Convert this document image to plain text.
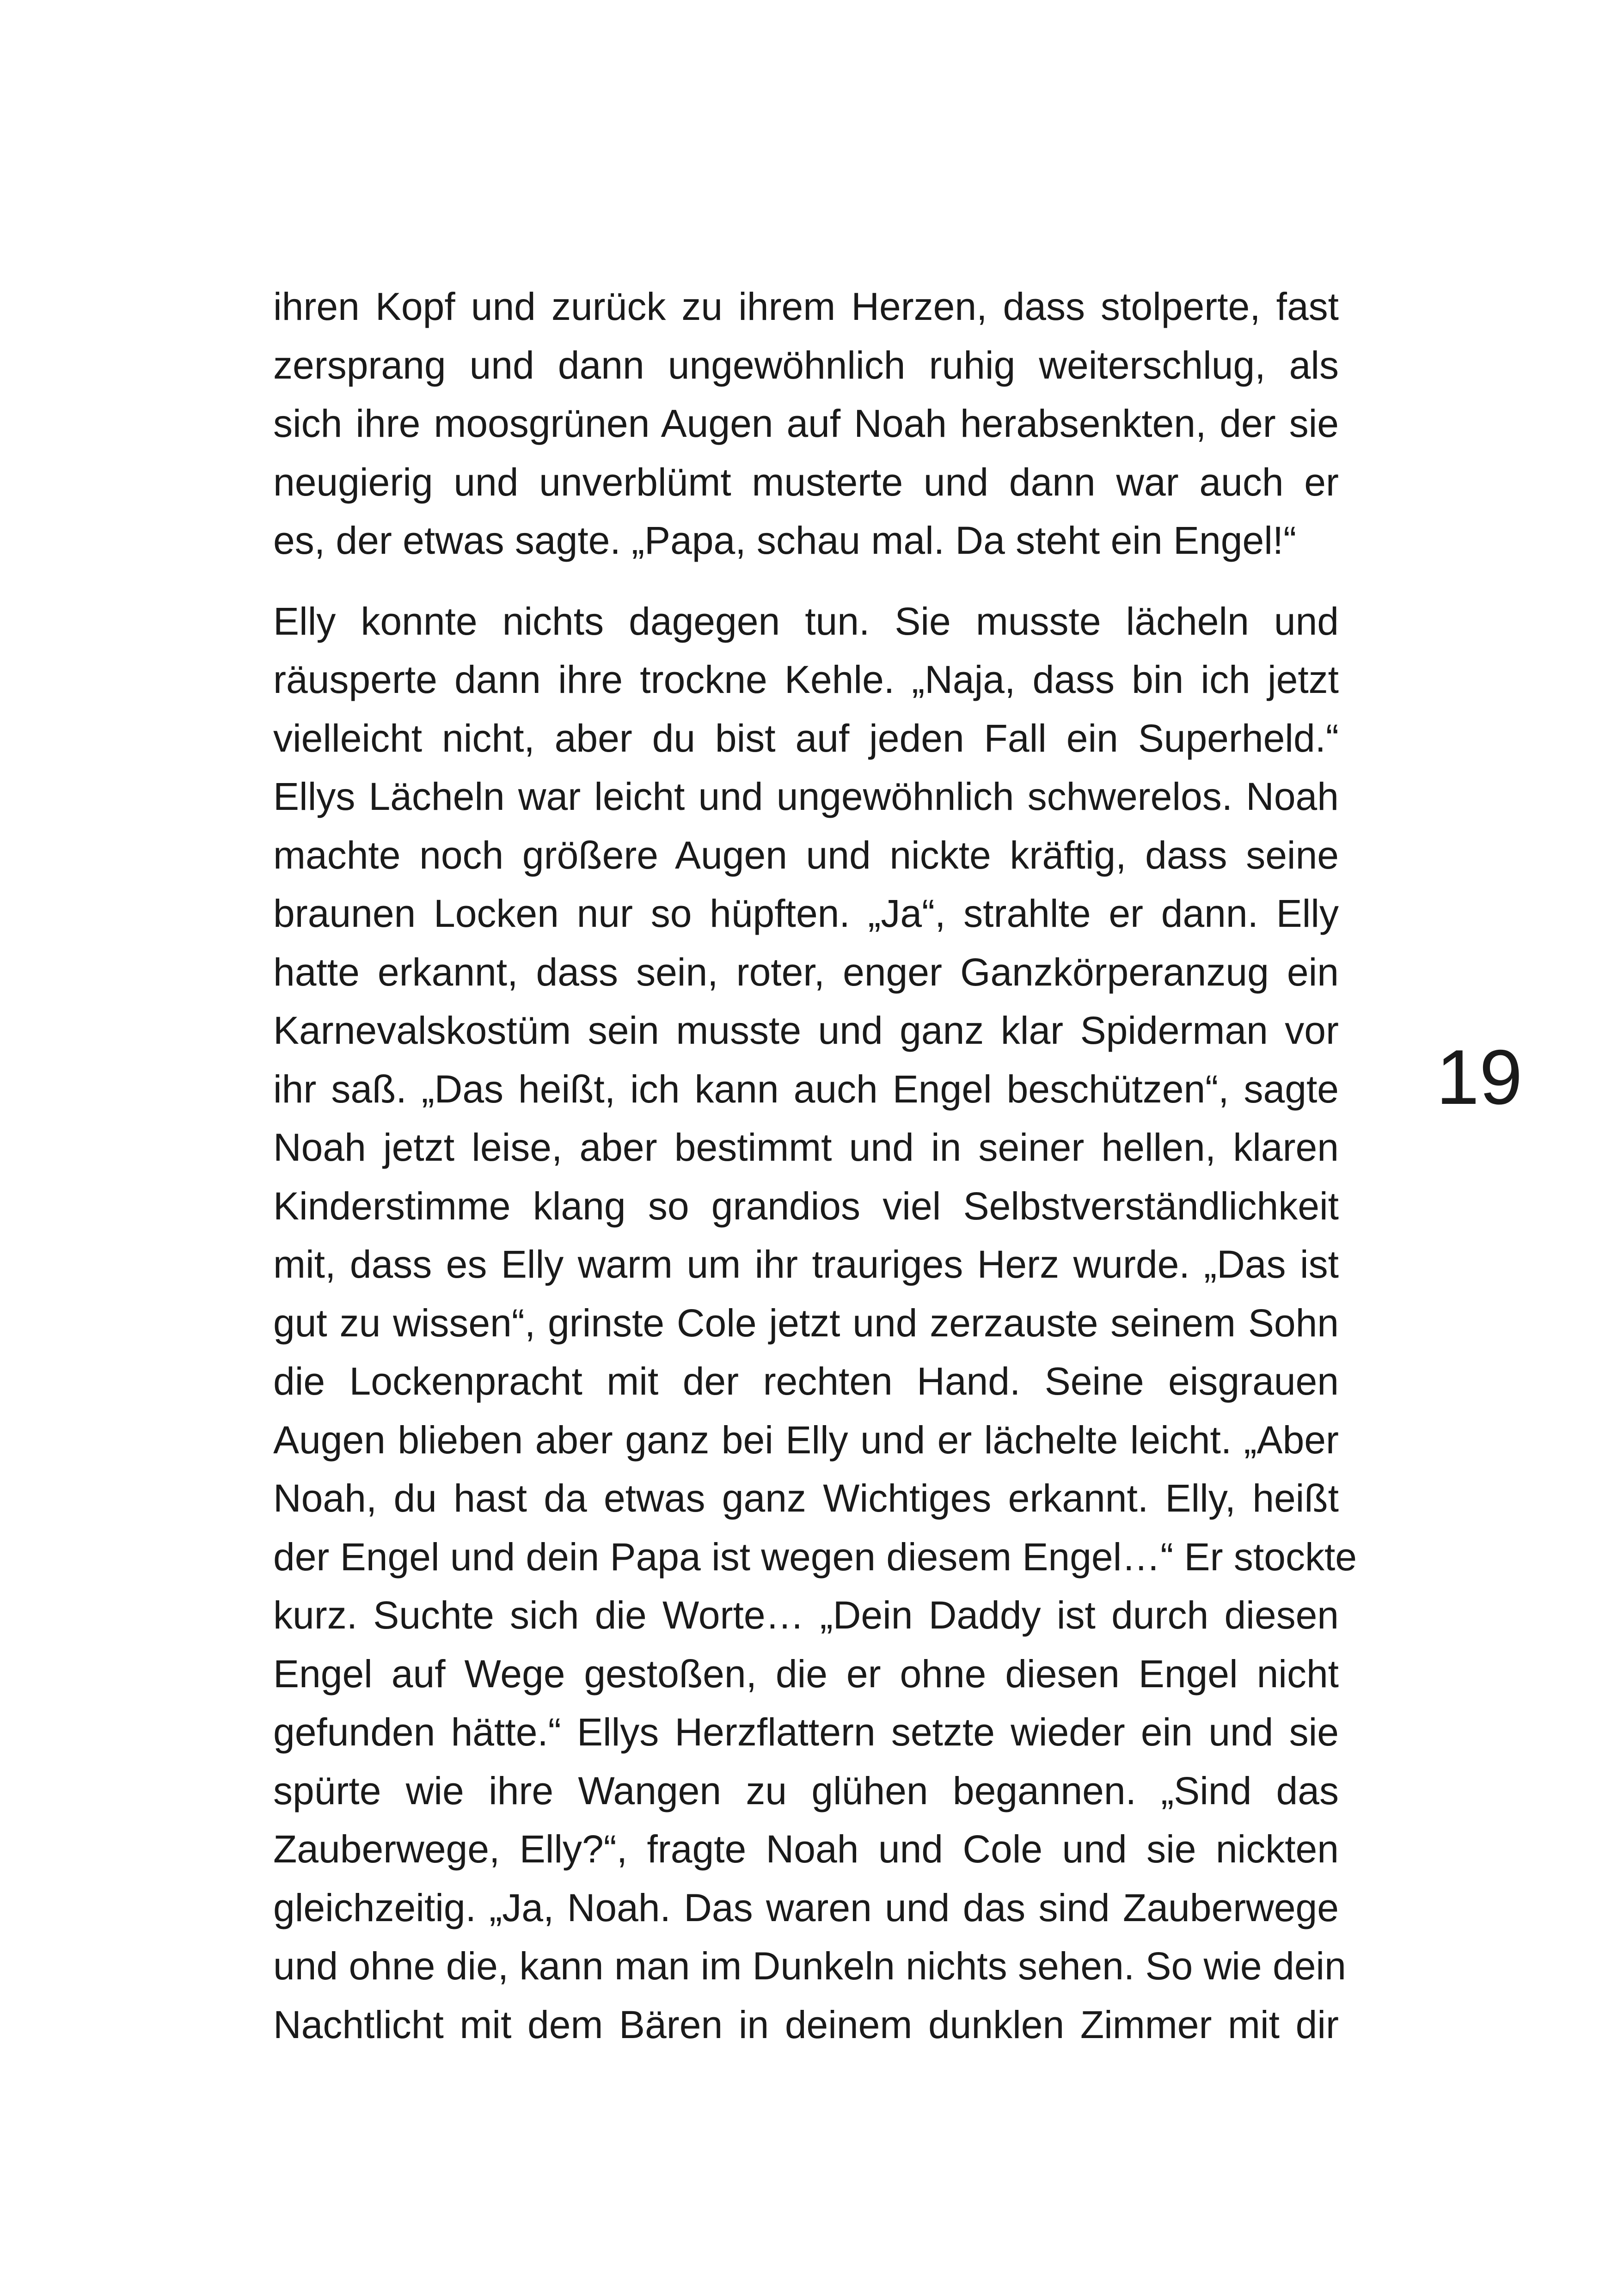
ihren Kopf und zurück zu ihrem Herzen, dass stolperte, fast
zersprang und dann ungewöhnlich ruhig weiterschlug, als
sich ihre moosgrünen Augen auf Noah herabsenkten, der sie
neugierig und unverblümt musterte und dann war auch er
es, der etwas sagte. „Papa, schau mal. Da steht ein Engel!“

Elly konnte nichts dagegen tun. Sie musste lächeln und
räusperte dann ihre trockne Kehle. „Naja, dass bin ich jetzt
vielleicht nicht, aber du bist auf jeden Fall ein Superheld.“
Ellys Lächeln war leicht und ungewöhnlich schwerelos. Noah
machte noch größere Augen und nickte kräftig, dass seine
braunen Locken nur so hüpften. „Ja“, strahlte er dann. Elly
hatte erkannt, dass sein, roter, enger Ganzkörperanzug ein
Karnevalskostüm sein musste und ganz klar Spiderman vor
ihr saß. „Das heißt, ich kann auch Engel beschützen“, sagte
Noah jetzt leise, aber bestimmt und in seiner hellen, klaren
Kinderstimme klang so grandios viel Selbstverständlichkeit
mit, dass es Elly warm um ihr trauriges Herz wurde. „Das ist
gut zu wissen“, grinste Cole jetzt und zerzauste seinem Sohn
die Lockenpracht mit der rechten Hand. Seine eisgrauen
Augen blieben aber ganz bei Elly und er lächelte leicht. „Aber
Noah, du hast da etwas ganz Wichtiges erkannt. Elly, heißt
der Engel und dein Papa ist wegen diesem Engel…“ Er stockte
kurz. Suchte sich die Worte… „Dein Daddy ist durch diesen
Engel auf Wege gestoßen, die er ohne diesen Engel nicht
gefunden hätte.“ Ellys Herzflattern setzte wieder ein und sie
spürte wie ihre Wangen zu glühen begannen. „Sind das
Zauberwege, Elly?“, fragte Noah und Cole und sie nickten
gleichzeitig. „Ja, Noah. Das waren und das sind Zauberwege
und ohne die, kann man im Dunkeln nichts sehen. So wie dein
Nachtlicht mit dem Bären in deinem dunklen Zimmer mit dir

19
